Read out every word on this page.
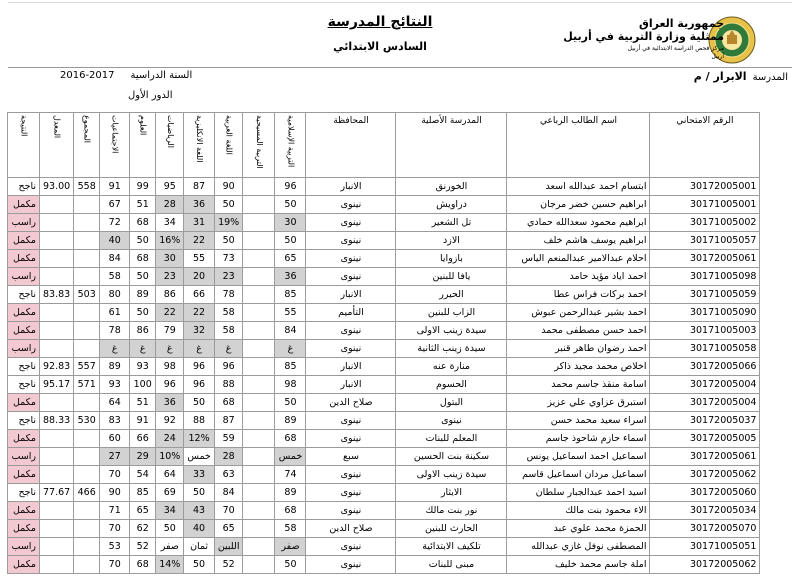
النتائج المدرسة
السادس الابتدائي
جمهورية العراق
ممثلية وزارة التربية في أربيل
مركز فحص الدراسة الابتدائية في أربيل
أربيل
المدرسةالابرار / م
2016-2017 السنة الدراسية
الدور الأول
الرقم الامتحاني	اسم الطالب الرباعي	المدرسة الأصلية	المحافظة	التربية الإسلامية	التربية المسيحية	اللغة العربية	اللغة الانكليزية	الرياضيات	العلوم	الاجتماعيات	المجموع	المعدل	النتيجة
30172005001	ابتسام احمد عبدالله اسعد	الخورنق	الانبار	96		90	87	95	99	91	558	93.00	ناجح
30171005001	ابراهيم حسين خضر مرجان	دراويش	نينوى	50		50	36	28	51	67			مكمل
30171005002	ابراهيم محمود سعدالله حمادي	تل الشعير	نينوى	30		19%	31	34	68	72			راسب
30171005057	ابراهيم يوسف هاشم خلف	الازد	نينوى	50		50	22	16%	50	40			مكمل
30172005061	احلام عبدالامير عبدالمنعم الياس	بازوايا	نينوى	65		73	55	30	68	84			مكمل
30171005098	احمد اياد مؤيد حامد	يافا للبنين	نينوى	36		23	20	23	50	58			راسب
30171005059	احمد بركات فراس عطا	الحيرر	الانبار	85		78	66	86	89	80	503	83.83	ناجح
30171005090	احمد بشير عبدالرحمن عبوش	الزاب للبنين	التأميم	55		58	22	22	50	61			مكمل
30171005003	احمد حسن مصطفى محمد	سيدة زينب الاولى	نينوى	84		58	32	79	86	78			مكمل
30171005058	احمد رضوان طاهر قنبر	سيدة زينب الثانية	نينوى	غ		غ	غ	غ	غ	غ			راسب
30172005066	اخلاص محمد مجيد ذاكر	منارة عنه	الانبار	85		96	96	98	93	89	557	92.83	ناجح
30172005004	اسامة منقذ جاسم محمد	الحسوم	الانبار	98		88	96	96	100	93	571	95.17	ناجح
30172005004	استبرق عزاوي علي عزيز	البتول	صلاح الدين	50		68	50	36	51	64			مكمل
30172005037	اسراء سعيد محمد حسن	نينوى	نينوى	89		87	88	92	91	83	530	88.33	ناجح
30172005005	اسماء حازم شاحوذ جاسم	المعلم للبنات	نينوى	68		59	12%	24	66	60			مكمل
30172005061	اسماعيل احمد اسماعيل يونس	سكينة بنت الحسين	سبع	خمس		28	خمس	10%	29	27			راسب
30172005062	اسماعيل مردان اسماعيل قاسم	سيدة زينب الاولى	نينوى	74		63	33	64	54	70			مكمل
30172005060	اسيد احمد عبدالجبار سلطان	الايثار	نينوى	89		84	50	69	85	90	466	77.67	ناجح
30172005034	الاء محمود بنت مالك	نور بنت مالك	نينوى	68		70	43	34	65	71			مكمل
30172005070	الحمزة محمد علوي عبد	الحارث للبنين	صلاح الدين	58		65	40	50	62	70			مكمل
30171005051	المصطفى نوفل غازي عبدالله	تلكيف الابتدائية	نينوى	صفر		اللبين	ثمان	صفر	52	53			راسب
30172005062	املة جاسم محمد خليف	مبنى للبنات	نينوى	50		52	50	14%	68	70			مكمل
